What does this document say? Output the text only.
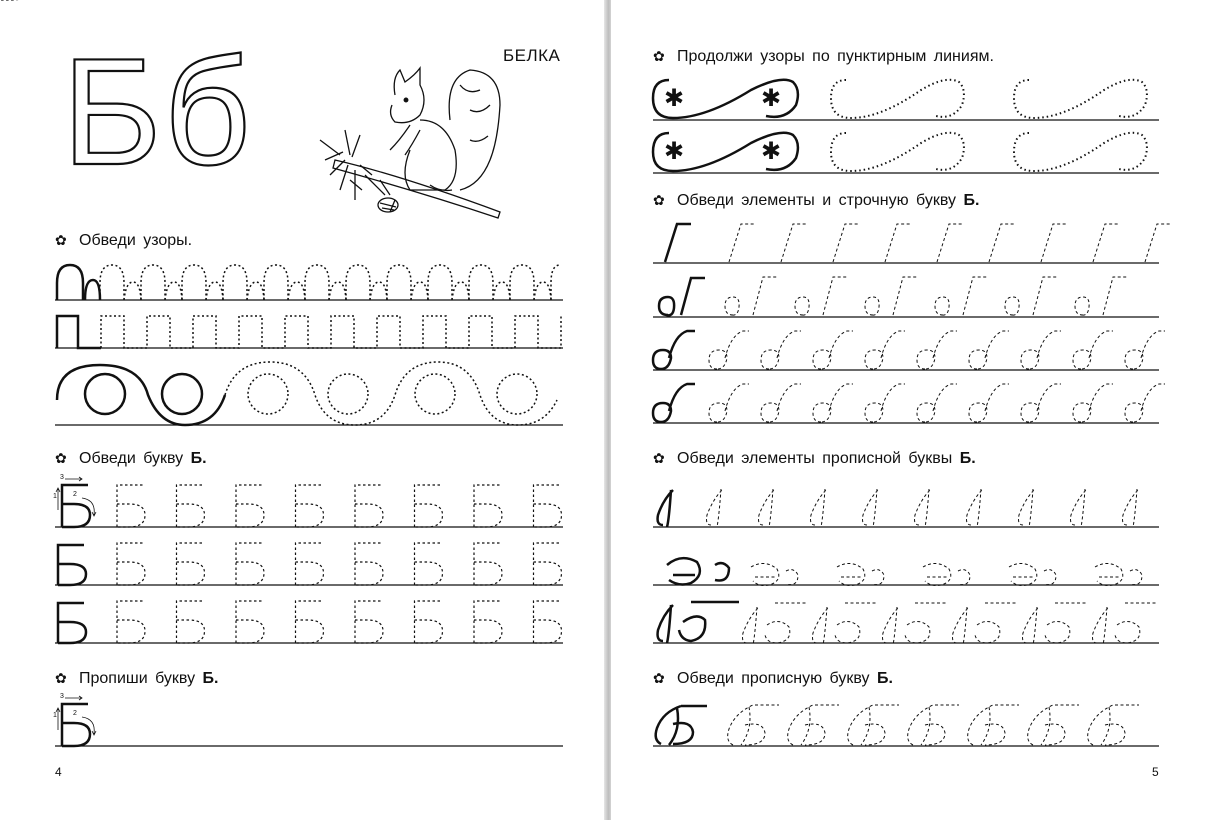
Бб	БЕЛКА
✿ Обведи узоры.
✿ Обведи букву Б.
3
2
1
✿ Пропиши букву Б.
3
2
1
4
✿ Продолжи узоры по пунктирным линиям.
✱	✱
✱	✱
✿ Обведи элементы и строчную букву Б.
✿ Обведи элементы прописной буквы Б.
✿ Обведи прописную букву Б.
5
